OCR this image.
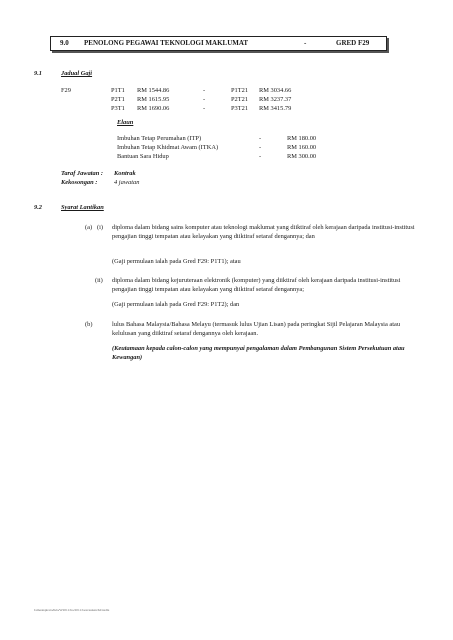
9.0 PENOLONG PEGAWAI TEKNOLOGI MAKLUMAT	-	GRED F29
9.1	Jadual Gaji
F29	P1T1 RM 1544.86	-	P1T21 RM 3034.66
P2T1 RM 1615.95	-	P2T21 RM 3237.37
P3T1 RM 1690.06	-	P3T21 RM 3415.79
Elaun
Imbuhan Tetap Perumahan (ITP)	-	RM 180.00
Imbuhan Tetap Khidmat Awam (ITKA)	-	RM 160.00
Bantuan Sara Hidup	-	RM 300.00
Taraf Jawatan : Kontrak
Kekosongan :	4 jawatan
9.2	Syarat Lantikan
(a) (i) diploma dalam bidang sains komputer atau teknologi maklumat yang diiktiraf oleh kerajaan daripada institusi-institusi pengajian tinggi tempatan atau kelayakan yang diiktiraf setaraf dengannya; dan
(Gaji permulaan ialah pada Gred F29: P1T1); atau
(ii) diploma dalam bidang kejuruteraan elektronik (komputer) yang diiktiraf oleh kerajaan daripada institusi-institusi pengajian tinggi tempatan atau kelayakan yang diiktiraf setaraf dengannya;
(Gaji permulaan ialah pada Gred F29: P1T2); dan
(b)	lulus Bahasa Malaysia/Bahasa Melayu (termasuk lulus Ujian Lisan) pada peringkat Sijil Pelajaran Malaysia atau kelulusan yang diiktiraf setaraf dengannya oleh kerajaan.
(Keutamaan kepada calon-calon yang mempunyai pengalaman dalam Pembangunan Sistem Persekutuan atau Kewangan)
Jamaaispirata/ikla/W2011/ho/2011/laon/sukan/h2/nsdle
